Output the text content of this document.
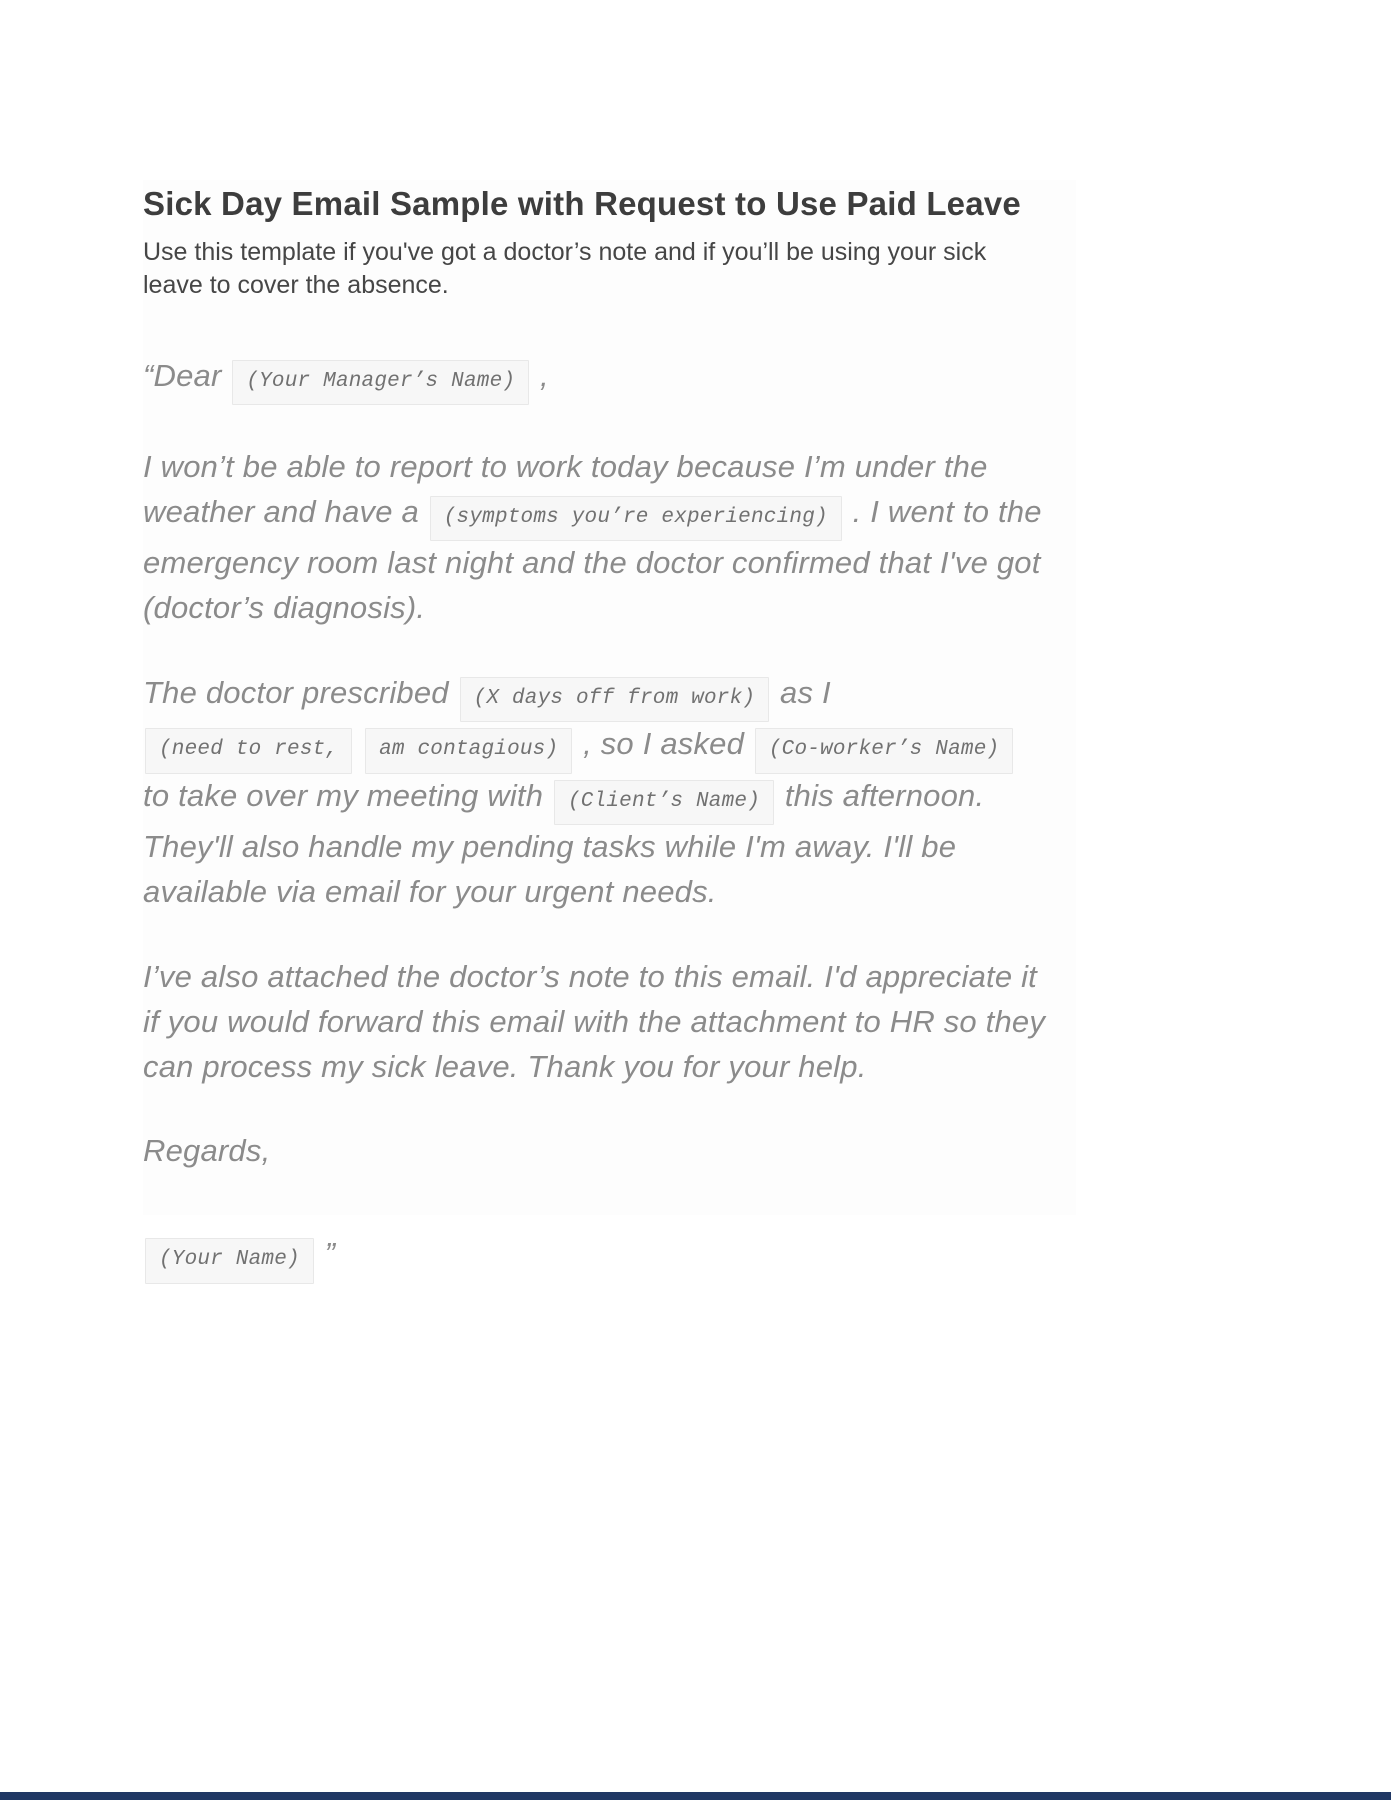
Sick Day Email Sample with Request to Use Paid Leave

Use this template if you've got a doctor’s note and if you’ll be using your sick leave to cover the absence.

“Dear (Your Manager’s Name) ,

I won’t be able to report to work today because I’m under the weather and have a (symptoms you’re experiencing) . I went to the emergency room last night and the doctor confirmed that I've got (doctor’s diagnosis).

The doctor prescribed (X days off from work) as I (need to rest, am contagious) , so I asked (Co-worker’s Name) to take over my meeting with (Client’s Name) this afternoon. They'll also handle my pending tasks while I'm away. I'll be available via email for your urgent needs.

I’ve also attached the doctor’s note to this email. I'd appreciate it if you would forward this email with the attachment to HR so they can process my sick leave. Thank you for your help.

Regards,

(Your Name) ”
